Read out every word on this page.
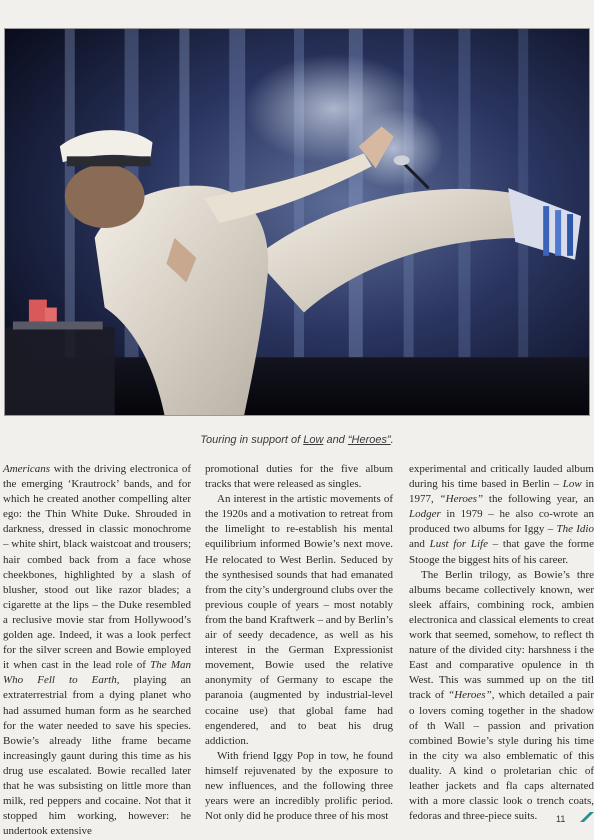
Touring in support of Low and “Heroes”.

Americans with the driving electronica of the emerging ‘Krautrock’ bands, and for which he created another compelling alter ego: the Thin White Duke. Shrouded in darkness, dressed in classic monochrome – white shirt, black waistcoat and trousers; hair combed back from a face whose cheekbones, highlighted by a slash of blusher, stood out like razor blades; a cigarette at the lips – the Duke resembled a reclusive movie star from Hollywood’s golden age. Indeed, it was a look perfect for the silver screen and Bowie employed it when cast in the lead role of The Man Who Fell to Earth, playing an extraterrestrial from a dying planet who had assumed human form as he searched for the water needed to save his species. Bowie’s already lithe frame became increasingly gaunt during this time as his drug use escalated. Bowie recalled later that he was subsisting on little more than milk, red peppers and cocaine. Not that it stopped him working, however: he undertook extensive

promotional duties for the five album tracks that were released as singles.

An interest in the artistic movements of the 1920s and a motivation to retreat from the limelight to re-establish his mental equilibrium informed Bowie’s next move. He relocated to West Berlin. Seduced by the synthesised sounds that had emanated from the city’s underground clubs over the previous couple of years – most notably from the band Kraftwerk – and by Berlin’s air of seedy decadence, as well as his interest in the German Expressionist movement, Bowie used the relative anonymity of Germany to escape the paranoia (augmented by industrial-level cocaine use) that global fame had engendered, and to beat his drug addiction.

With friend Iggy Pop in tow, he found himself rejuvenated by the exposure to new influences, and the following three years were an incredibly prolific period. Not only did he produce three of his most

experimental and critically lauded album during his time based in Berlin – Low in 1977, “Heroes” the following year, an Lodger in 1979 – he also co-wrote an produced two albums for Iggy – The Idio and Lust for Life – that gave the forme Stooge the biggest hits of his career.

The Berlin trilogy, as Bowie’s thre albums became collectively known, wer sleek affairs, combining rock, ambien electronica and classical elements to creat work that seemed, somehow, to reflect th nature of the divided city: harshness i the East and comparative opulence in th West. This was summed up on the titl track of “Heroes”, which detailed a pair o lovers coming together in the shadow of th Wall – passion and privation combined Bowie’s style during his time in the city wa also emblematic of this duality. A kind o proletarian chic of leather jackets and fla caps alternated with a more classic look o trench coats, fedoras and three-piece suits.	11
